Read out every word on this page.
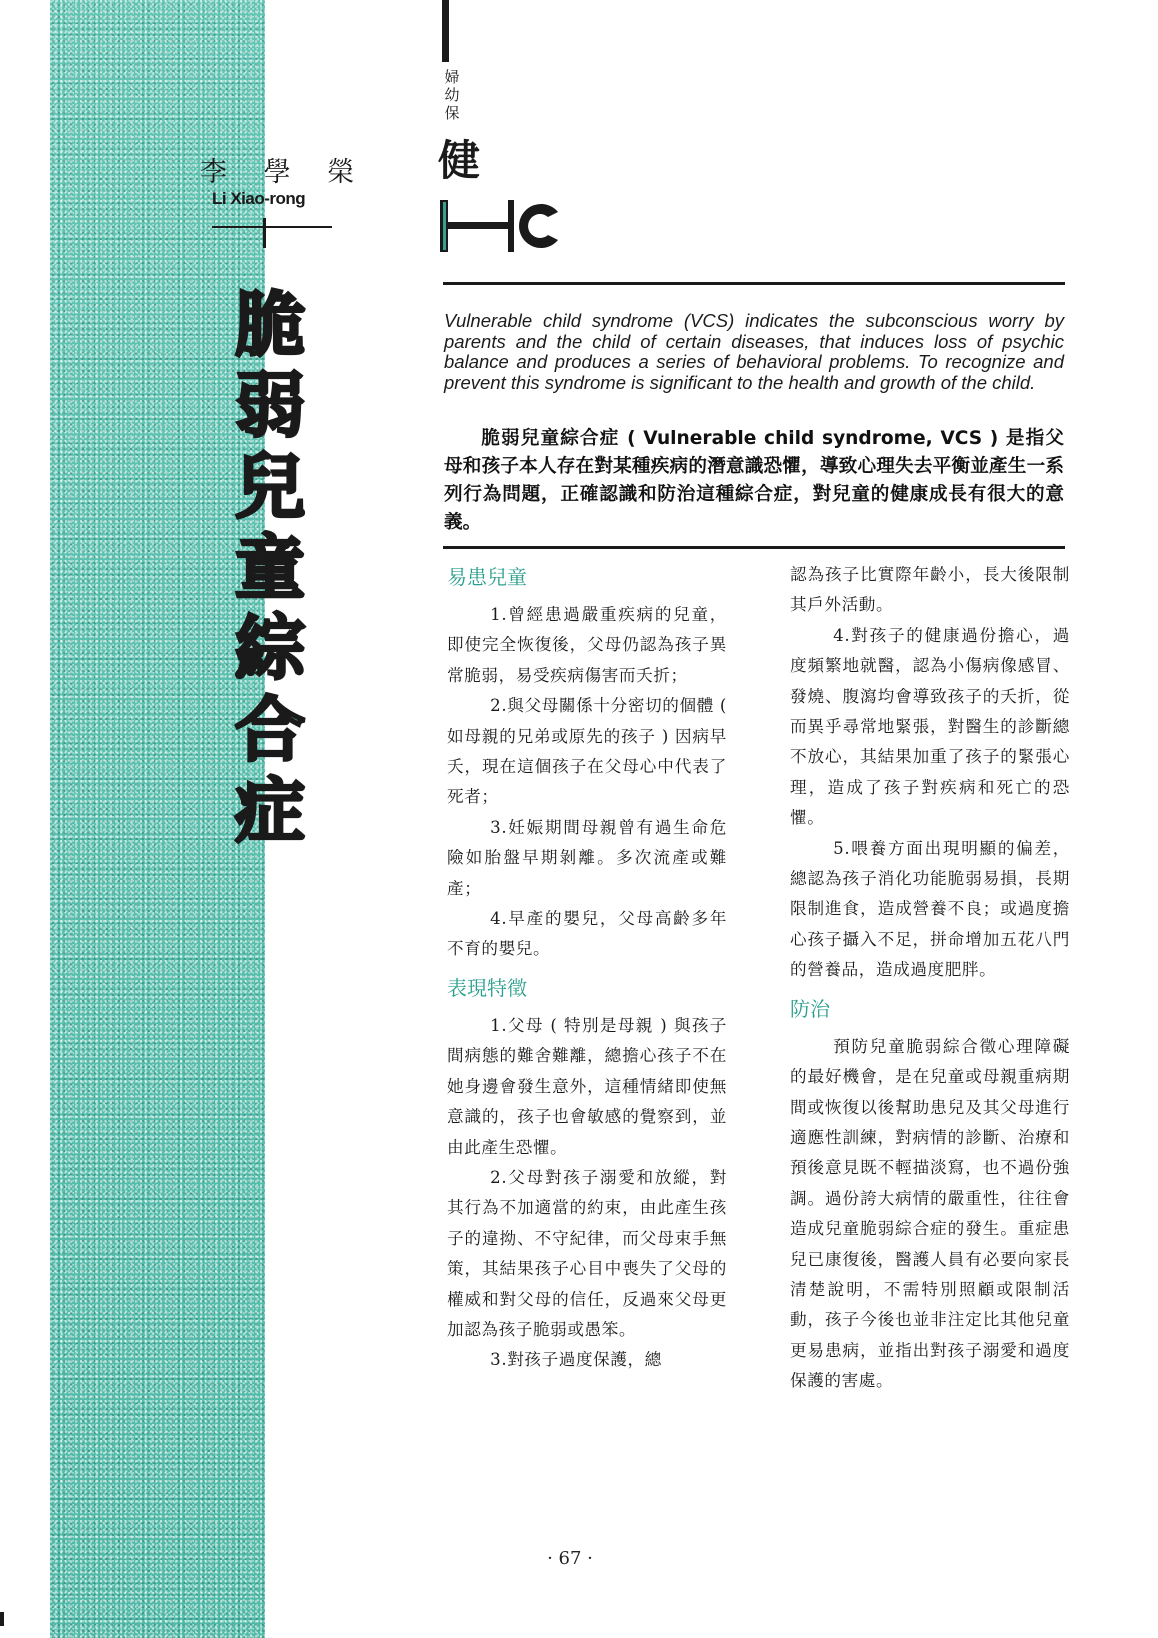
李 學 榮
Li Xiao-rong
脆
弱
兒
童
綜
合
症
婦
幼
保
健
Vulnerable child syndrome (VCS) indicates the subconscious worry by parents and the child of certain diseases, that induces loss of psychic balance and produces a series of behavioral problems. To recognize and prevent this syndrome is significant to the health and growth of the child.
脆弱兒童綜合症 ( Vulnerable child syndrome, VCS ) 是指父母和孩子本人存在對某種疾病的潛意識恐懼，導致心理失去平衡並產生一系列行為問題，正確認識和防治這種綜合症，對兒童的健康成長有很大的意義。
易患兒童

1.曾經患過嚴重疾病的兒童，即使完全恢復後，父母仍認為孩子異常脆弱，易受疾病傷害而夭折；

2.與父母關係十分密切的個體 ( 如母親的兄弟或原先的孩子 ) 因病早夭，現在這個孩子在父母心中代表了死者；

3.妊娠期間母親曾有過生命危險如胎盤早期剝離。多次流產或難產；

4.早產的嬰兒，父母高齡多年不育的嬰兒。

表現特徵

1.父母 ( 特別是母親 ) 與孩子間病態的難舍難離，總擔心孩子不在她身邊會發生意外，這種情緒即使無意識的，孩子也會敏感的覺察到，並由此產生恐懼。

2.父母對孩子溺愛和放縱，對其行為不加適當的約束，由此產生孩子的違拗、不守紀律，而父母束手無策，其結果孩子心目中喪失了父母的權威和對父母的信任，反過來父母更加認為孩子脆弱或愚笨。

3.對孩子過度保護，總

認為孩子比實際年齡小，長大後限制其戶外活動。

4.對孩子的健康過份擔心，過度頻繁地就醫，認為小傷病像感冒、發燒、腹瀉均會導致孩子的夭折，從而異乎尋常地緊張，對醫生的診斷總不放心，其結果加重了孩子的緊張心理，造成了孩子對疾病和死亡的恐懼。

5.喂養方面出現明顯的偏差，總認為孩子消化功能脆弱易損，長期限制進食，造成營養不良；或過度擔心孩子攝入不足，拼命增加五花八門的營養品，造成過度肥胖。

防治

預防兒童脆弱綜合徵心理障礙的最好機會，是在兒童或母親重病期間或恢復以後幫助患兒及其父母進行適應性訓練，對病情的診斷、治療和預後意見既不輕描淡寫，也不過份強調。過份誇大病情的嚴重性，往往會造成兒童脆弱綜合症的發生。重症患兒已康復後，醫護人員有必要向家長清楚說明，不需特別照顧或限制活動，孩子今後也並非注定比其他兒童更易患病，並指出對孩子溺愛和過度保護的害處。

· 67 ·
